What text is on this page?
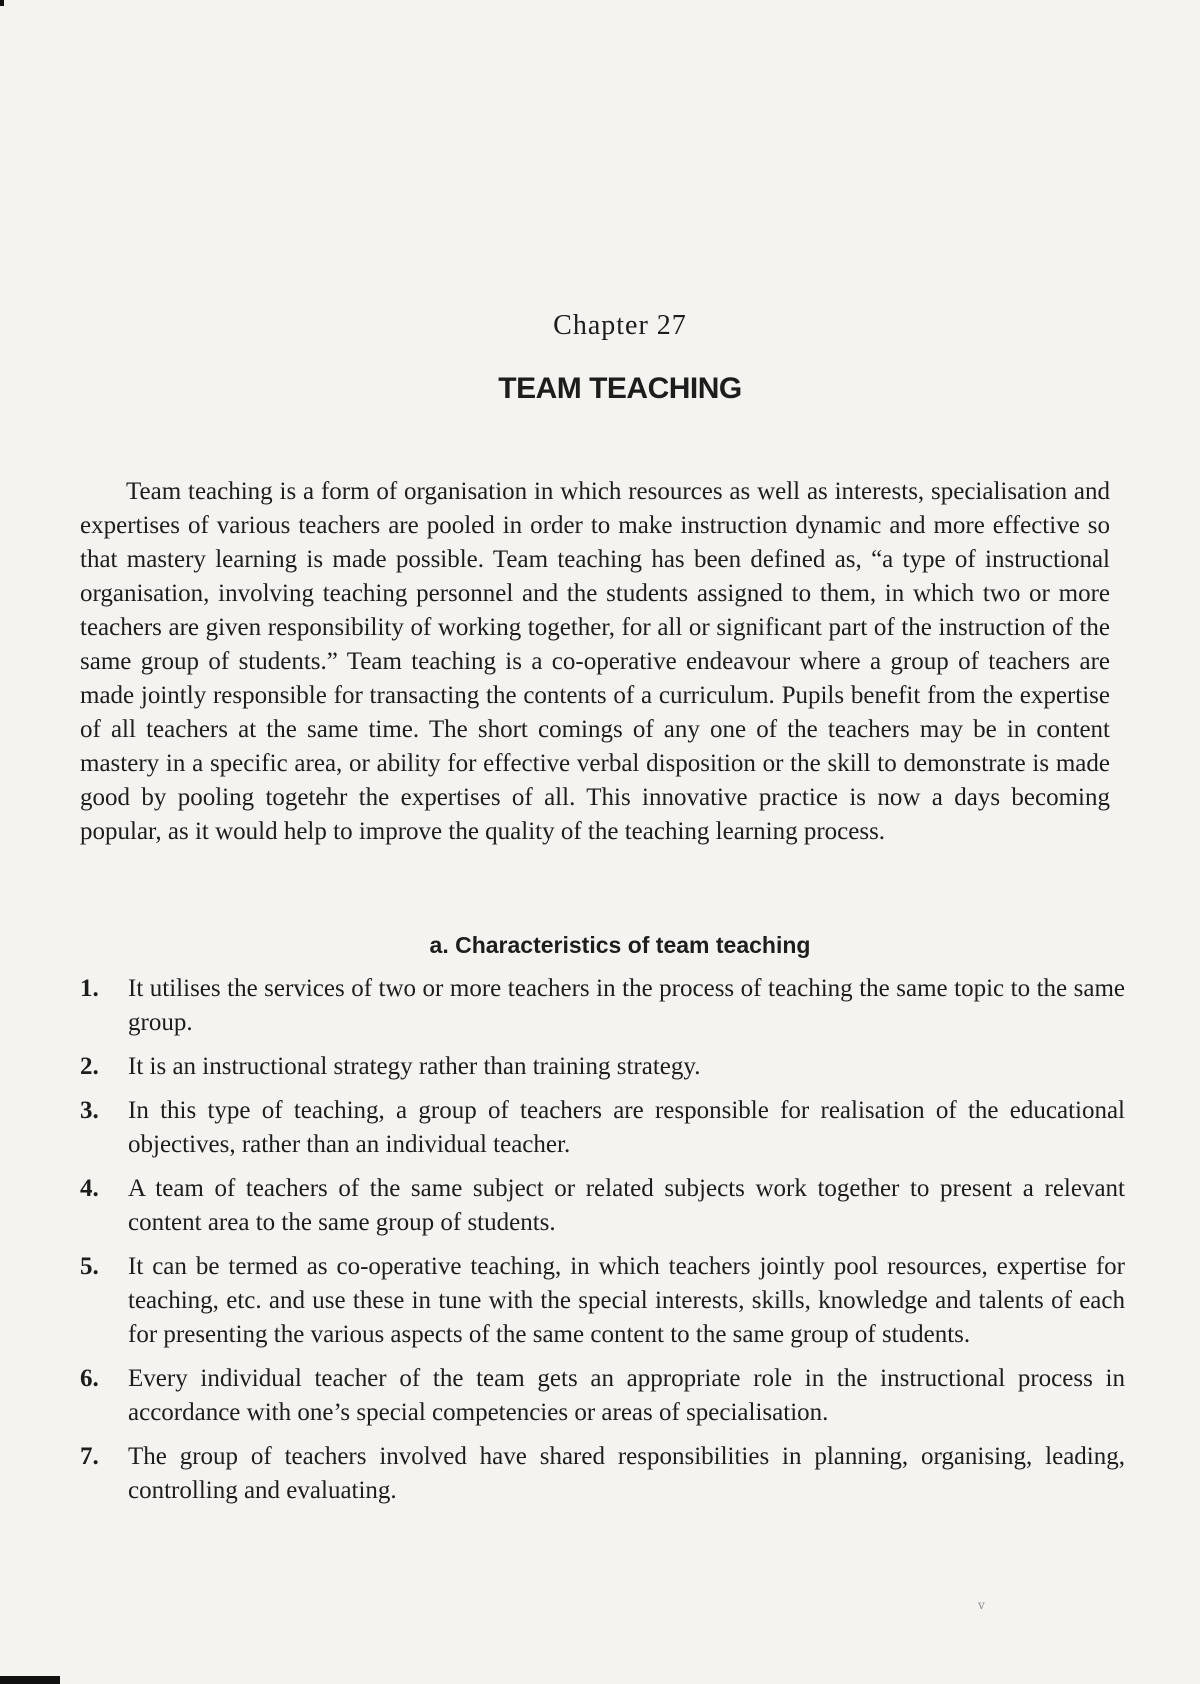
Chapter 27
TEAM TEACHING

Team teaching is a form of organisation in which resources as well as interests, specialisation and expertises of various teachers are pooled in order to make instruction dynamic and more effective so that mastery learning is made possible. Team teaching has been defined as, “a type of instructional organisation, involving teaching personnel and the students assigned to them, in which two or more teachers are given responsibility of working together, for all or significant part of the instruction of the same group of students.” Team teaching is a co-operative endeavour where a group of teachers are made jointly responsible for transacting the contents of a curriculum. Pupils benefit from the expertise of all teachers at the same time. The short comings of any one of the teachers may be in content mastery in a specific area, or ability for effective verbal disposition or the skill to demonstrate is made good by pooling togetehr the expertises of all. This innovative practice is now a days becoming popular, as it would help to improve the quality of the teaching learning process.

a. Characteristics of team teaching
1.	It utilises the services of two or more teachers in the process of teaching the same topic to the same group.
2.	It is an instructional strategy rather than training strategy.
3.	In this type of teaching, a group of teachers are responsible for realisation of the educational objectives, rather than an individual teacher.
4.	A team of teachers of the same subject or related subjects work together to present a relevant content area to the same group of students.
5.	It can be termed as co-operative teaching, in which teachers jointly pool resources, expertise for teaching, etc. and use these in tune with the special interests, skills, knowledge and talents of each for presenting the various aspects of the same content to the same group of students.
6.	Every individual teacher of the team gets an appropriate role in the instructional process in accordance with one’s special competencies or areas of specialisation.
7.	The group of teachers involved have shared responsibilities in planning, organising, leading, controlling and evaluating.
v
